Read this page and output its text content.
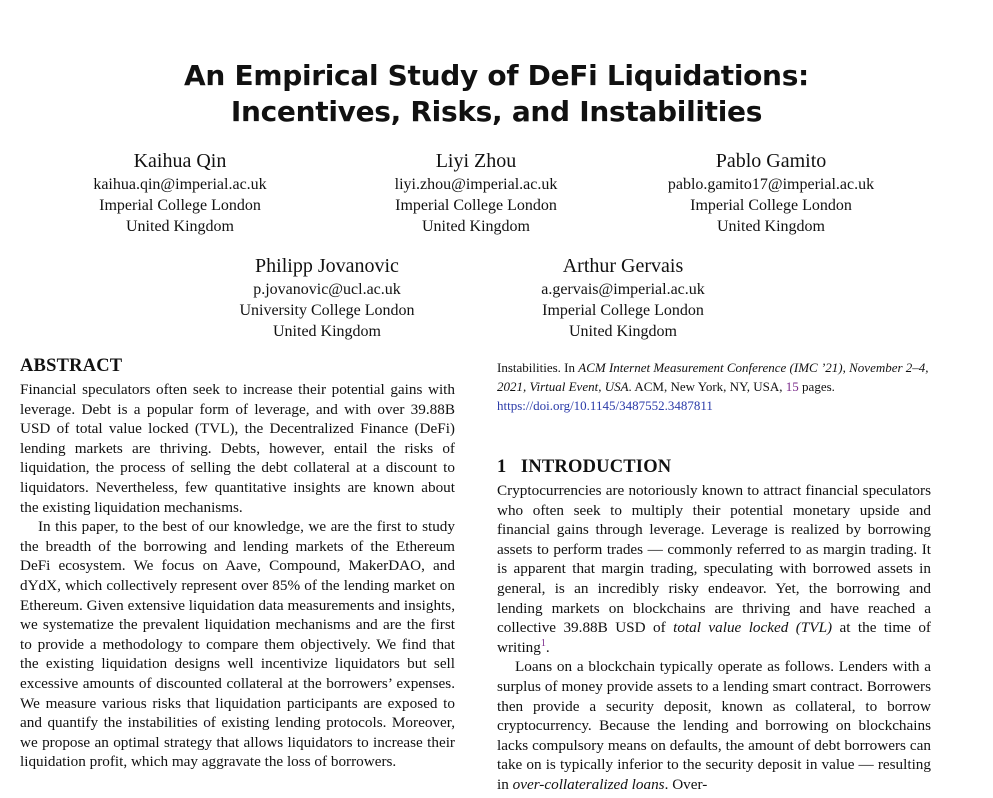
An Empirical Study of DeFi Liquidations:
Incentives, Risks, and Instabilities
Kaihua Qin
kaihua.qin@imperial.ac.uk
Imperial College London
United Kingdom
Liyi Zhou
liyi.zhou@imperial.ac.uk
Imperial College London
United Kingdom
Pablo Gamito
pablo.gamito17@imperial.ac.uk
Imperial College London
United Kingdom
Philipp Jovanovic
p.jovanovic@ucl.ac.uk
University College London
United Kingdom
Arthur Gervais
a.gervais@imperial.ac.uk
Imperial College London
United Kingdom
ABSTRACT

Financial speculators often seek to increase their potential gains with leverage. Debt is a popular form of leverage, and with over 39.88B USD of total value locked (TVL), the Decentralized Finance (DeFi) lending markets are thriving. Debts, however, entail the risks of liquidation, the process of selling the debt collateral at a discount to liquidators. Nevertheless, few quantitative insights are known about the existing liquidation mechanisms.

In this paper, to the best of our knowledge, we are the first to study the breadth of the borrowing and lending markets of the Ethereum DeFi ecosystem. We focus on Aave, Compound, MakerDAO, and dYdX, which collectively represent over 85% of the lending market on Ethereum. Given extensive liquidation data measurements and insights, we systematize the prevalent liquidation mechanisms and are the first to provide a methodology to compare them objectively. We find that the existing liquidation designs well incentivize liquidators but sell excessive amounts of discounted collateral at the borrowers’ expenses. We measure various risks that liquidation participants are exposed to and quantify the instabilities of existing lending protocols. Moreover, we propose an optimal strategy that allows liquidators to increase their liquidation profit, which may aggravate the loss of borrowers.

Instabilities. In ACM Internet Measurement Conference (IMC ’21), November 2–4, 2021, Virtual Event, USA. ACM, New York, NY, USA, 15 pages.
https://doi.org/10.1145/3487552.3487811

1   INTRODUCTION

Cryptocurrencies are notoriously known to attract financial speculators who often seek to multiply their potential monetary upside and financial gains through leverage. Leverage is realized by borrowing assets to perform trades — commonly referred to as margin trading. It is apparent that margin trading, speculating with borrowed assets in general, is an incredibly risky endeavor. Yet, the borrowing and lending markets on blockchains are thriving and have reached a collective 39.88B USD of total value locked (TVL) at the time of writing$^1$.

Loans on a blockchain typically operate as follows. Lenders with a surplus of money provide assets to a lending smart contract. Borrowers then provide a security deposit, known as collateral, to borrow cryptocurrency. Because the lending and borrowing on blockchains lacks compulsory means on defaults, the amount of debt borrowers can take on is typically inferior to the security deposit in value — resulting in over-collateralized loans. Over-
